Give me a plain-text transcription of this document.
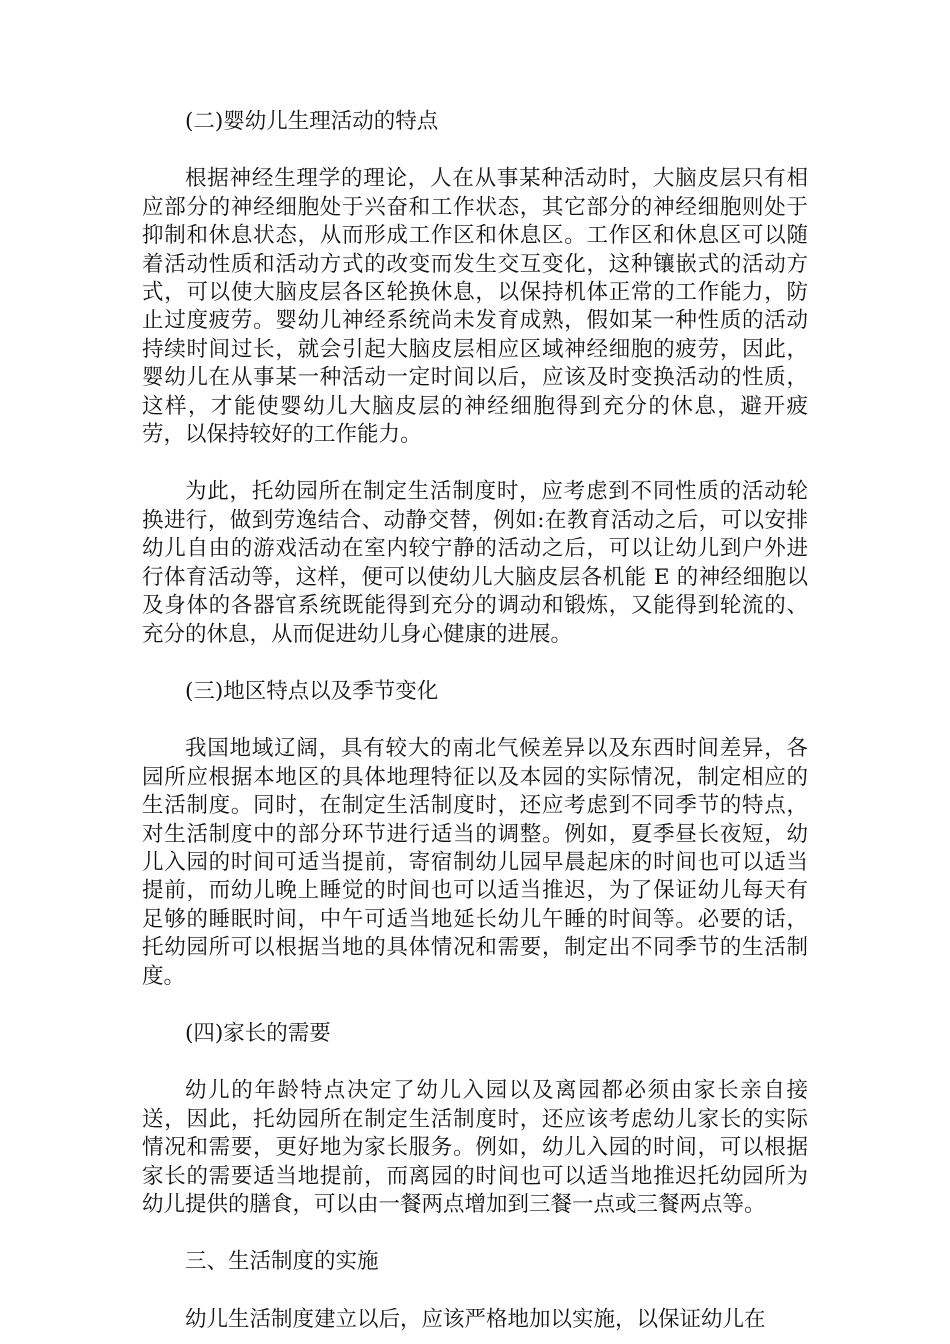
(二)婴幼儿生理活动的特点

根据神经生理学的理论，人在从事某种活动时，大脑皮层只有相应部分的神经细胞处于兴奋和工作状态，其它部分的神经细胞则处于抑制和休息状态，从而形成工作区和休息区。工作区和休息区可以随着活动性质和活动方式的改变而发生交互变化，这种镶嵌式的活动方式，可以使大脑皮层各区轮换休息，以保持机体正常的工作能力，防止过度疲劳。婴幼儿神经系统尚未发育成熟，假如某一种性质的活动持续时间过长，就会引起大脑皮层相应区域神经细胞的疲劳，因此，婴幼儿在从事某一种活动一定时间以后，应该及时变换活动的性质，这样，才能使婴幼儿大脑皮层的神经细胞得到充分的休息，避开疲劳，以保持较好的工作能力。

为此，托幼园所在制定生活制度时，应考虑到不同性质的活动轮换进行，做到劳逸结合、动静交替，例如:在教育活动之后，可以安排幼儿自由的游戏活动在室内较宁静的活动之后，可以让幼儿到户外进行体育活动等，这样，便可以使幼儿大脑皮层各机能 E 的神经细胞以及身体的各器官系统既能得到充分的调动和锻炼，又能得到轮流的、充分的休息，从而促进幼儿身心健康的进展。

(三)地区特点以及季节变化

我国地域辽阔，具有较大的南北气候差异以及东西时间差异，各园所应根据本地区的具体地理特征以及本园的实际情况，制定相应的生活制度。同时，在制定生活制度时，还应考虑到不同季节的特点，对生活制度中的部分环节进行适当的调整。例如，夏季昼长夜短，幼儿入园的时间可适当提前，寄宿制幼儿园早晨起床的时间也可以适当提前，而幼儿晚上睡觉的时间也可以适当推迟，为了保证幼儿每天有足够的睡眠时间，中午可适当地延长幼儿午睡的时间等。必要的话，托幼园所可以根据当地的具体情况和需要，制定出不同季节的生活制度。

(四)家长的需要

幼儿的年龄特点决定了幼儿入园以及离园都必须由家长亲自接送，因此，托幼园所在制定生活制度时，还应该考虑幼儿家长的实际情况和需要，更好地为家长服务。例如，幼儿入园的时间，可以根据家长的需要适当地提前，而离园的时间也可以适当地推迟托幼园所为幼儿提供的膳食，可以由一餐两点增加到三餐一点或三餐两点等。

三、生活制度的实施

幼儿生活制度建立以后，应该严格地加以实施，以保证幼儿在
